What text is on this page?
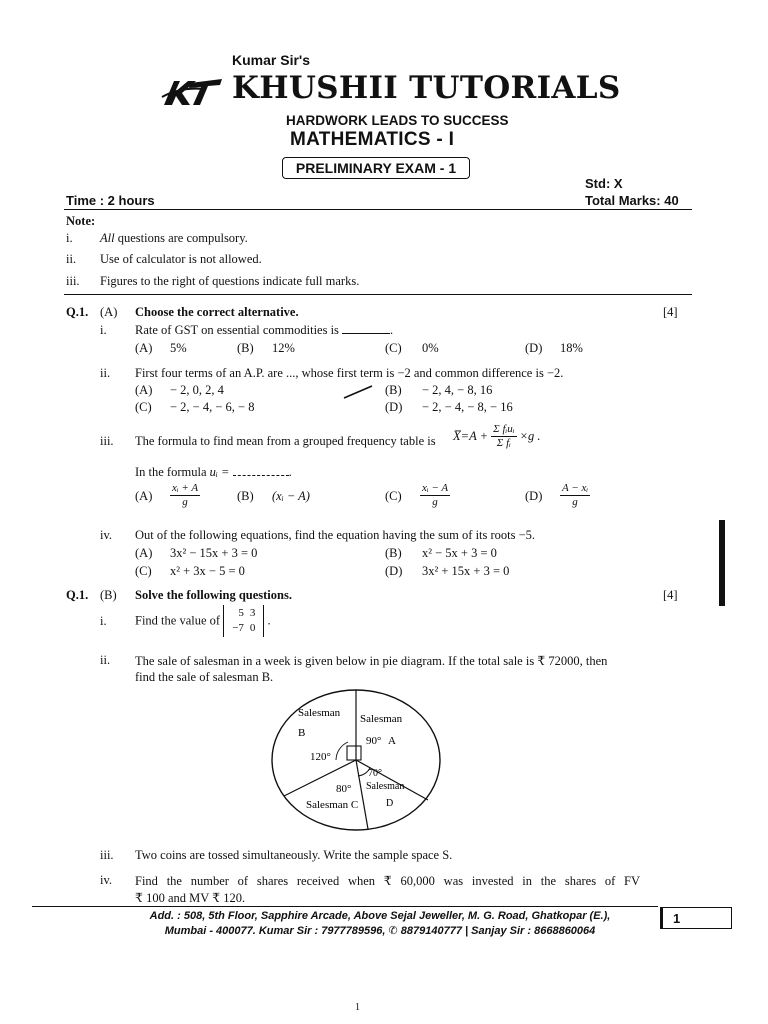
Kumar Sir's
KHUSHII TUTORIALS
HARDWORK LEADS TO SUCCESS
MATHEMATICS - I
PRELIMINARY EXAM - 1
Std: X
Time : 2 hours	Total Marks: 40
Note:
i. All questions are compulsory.
ii. Use of calculator is not allowed.
iii. Figures to the right of questions indicate full marks.
Q.1. (A) Choose the correct alternative.	[4]
i. Rate of GST on essential commodities is	.
(A) 5%	(B) 12%	(C) 0%	(D) 18%
ii. First four terms of an A.P. are ..., whose first term is −2 and common difference is −2.
(A) − 2, 0, 2, 4	(B) − 2, 4, − 8, 16
(C) − 2, − 4, − 6, − 8	(D) − 2, − 4, − 8, − 16
iii. The formula to find mean from a grouped frequency table is X̅=A + $\frac{\text{Σ fᵢuᵢ}}{\text{Σ fᵢ}} \times g$ .
In the formula uᵢ =	.
$(A) \frac{\text{xᵢ + A}}{g}$	(B) (xᵢ − A)	$(C) \frac{\text{xᵢ − A}}{g}$	$(D) \frac{\text{A − xᵢ}}{g}$
iv. Out of the following equations, find the equation having the sum of its roots −5.
(A) 3x² − 15x + 3 = 0	(B) x² − 5x + 3 = 0
(C) x² + 3x − 5 = 0	(D) 3x² + 15x + 3 = 0
Q.1. (B) Solve the following questions.	[4]
i. Find the value of 5	3
−7	0 .
ii. The sale of salesman in a week is given below in pie diagram. If the total sale is ₹ 72000, then
find the sale of salesman B.
Salesman
B
120°
Salesman
90° A
70°
Salesman
D
80°
Salesman C
iii. Two coins are tossed simultaneously. Write the sample space S.
iv. Find the number of shares received when ₹ 60,000 was invested in the shares of FV
₹ 100 and MV ₹ 120.
Add. : 508, 5th Floor, Sapphire Arcade, Above Sejal Jeweller, M. G. Road, Ghatkopar (E.),
Mumbai - 400077. Kumar Sir : 7977789596, ✆ 8879140777 | Sanjay Sir : 8668860064
1
1
